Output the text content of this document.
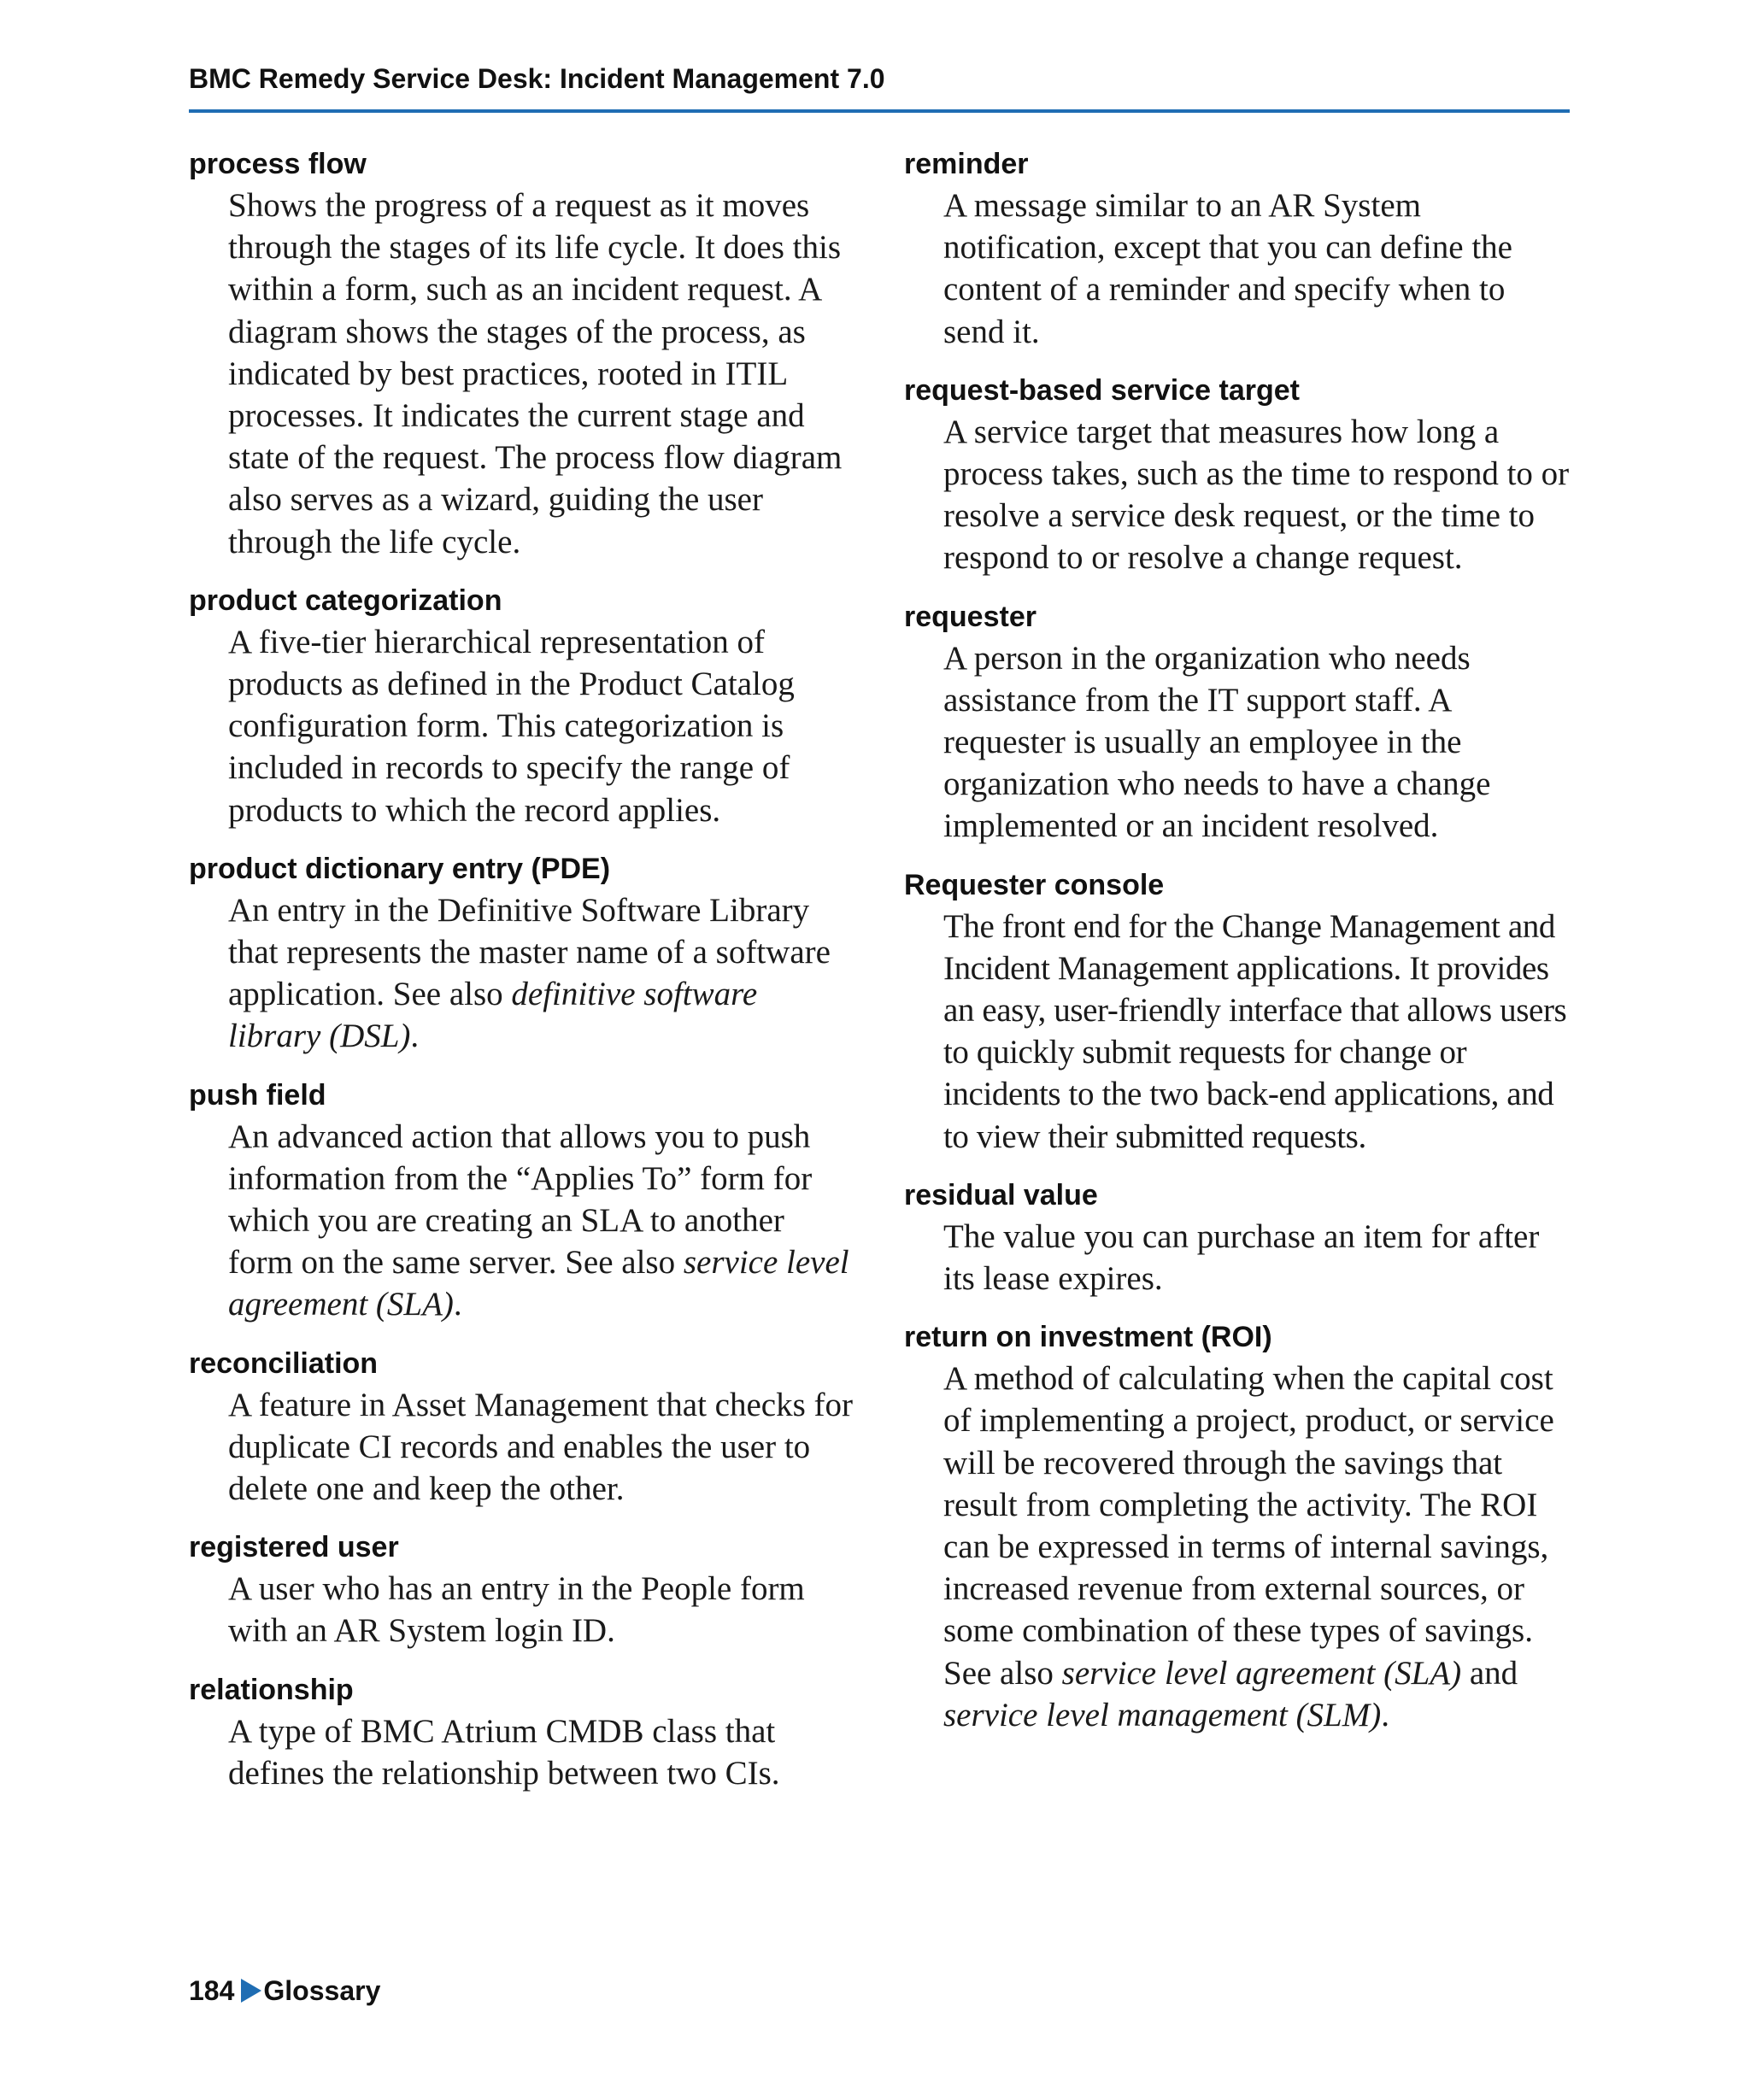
BMC Remedy Service Desk: Incident Management 7.0
process flow
Shows the progress of a request as it moves through the stages of its life cycle. It does this within a form, such as an incident request. A diagram shows the stages of the process, as indicated by best practices, rooted in ITIL processes. It indicates the current stage and state of the request. The process flow diagram also serves as a wizard, guiding the user through the life cycle.
product categorization
A five-tier hierarchical representation of products as defined in the Product Catalog configuration form. This categorization is included in records to specify the range of products to which the record applies.
product dictionary entry (PDE)
An entry in the Definitive Software Library that represents the master name of a software application. See also definitive software library (DSL).
push field
An advanced action that allows you to push information from the “Applies To” form for which you are creating an SLA to another form on the same server. See also service level agreement (SLA).
reconciliation
A feature in Asset Management that checks for duplicate CI records and enables the user to delete one and keep the other.
registered user
A user who has an entry in the People form with an AR System login ID.
relationship
A type of BMC Atrium CMDB class that defines the relationship between two CIs.
reminder
A message similar to an AR System notification, except that you can define the content of a reminder and specify when to send it.
request-based service target
A service target that measures how long a process takes, such as the time to respond to or resolve a service desk request, or the time to respond to or resolve a change request.
requester
A person in the organization who needs assistance from the IT support staff. A requester is usually an employee in the organization who needs to have a change implemented or an incident resolved.
Requester console
The front end for the Change Management and Incident Management applications. It provides an easy, user-friendly interface that allows users to quickly submit requests for change or incidents to the two back-end applications, and to view their submitted requests.
residual value
The value you can purchase an item for after its lease expires.
return on investment (ROI)
A method of calculating when the capital cost of implementing a project, product, or service will be recovered through the savings that result from completing the activity. The ROI can be expressed in terms of internal savings, increased revenue from external sources, or some combination of these types of savings. See also service level agreement (SLA) and service level management (SLM).
184 Glossary
